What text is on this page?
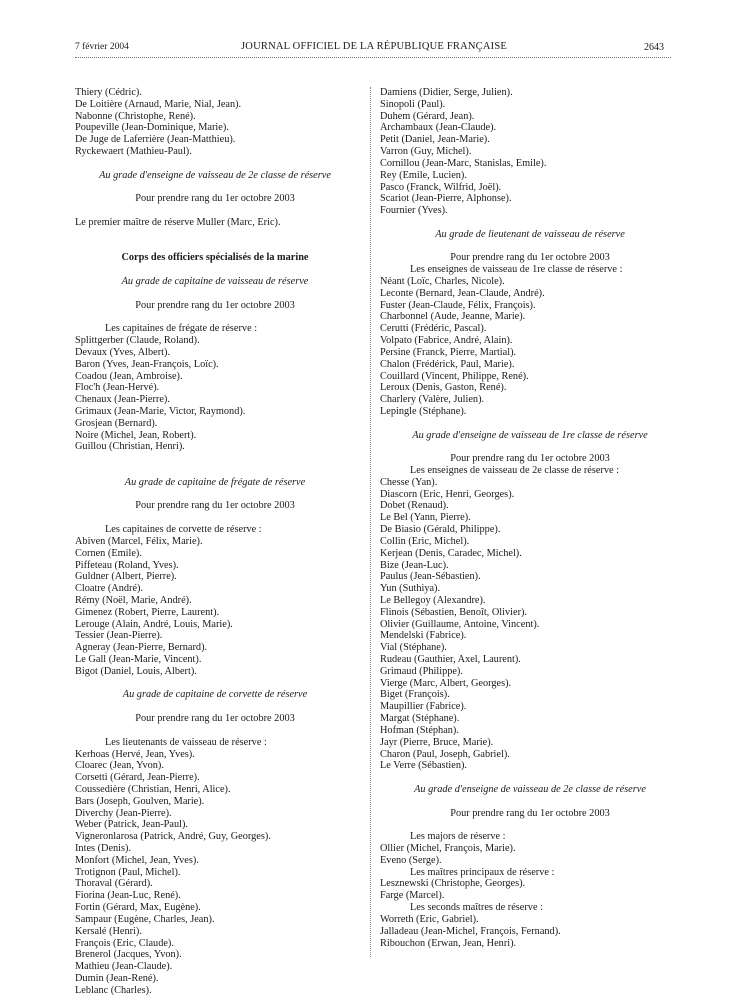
7 février 2004	JOURNAL OFFICIEL DE LA RÉPUBLIQUE FRANÇAISE	2643
Thiery (Cédric).
De Loitière (Arnaud, Marie, Nial, Jean).
Nabonne (Christophe, René).
Poupeville (Jean-Dominique, Marie).
De Juge de Laferrière (Jean-Matthieu).
Ryckewaert (Mathieu-Paul).
Au grade d'enseigne de vaisseau de 2e classe de réserve
Pour prendre rang du 1er octobre 2003
Le premier maître de réserve Muller (Marc, Eric).
Corps des officiers spécialisés de la marine
Au grade de capitaine de vaisseau de réserve
Pour prendre rang du 1er octobre 2003
Les capitaines de frégate de réserve :
Splittgerber (Claude, Roland).
Devaux (Yves, Albert).
Baron (Yves, Jean-François, Loïc).
Coadou (Jean, Ambroise).
Floc'h (Jean-Hervé).
Chenaux (Jean-Pierre).
Grimaux (Jean-Marie, Victor, Raymond).
Grosjean (Bernard).
Noire (Michel, Jean, Robert).
Guillou (Christian, Henri).
Au grade de capitaine de frégate de réserve
Pour prendre rang du 1er octobre 2003
Les capitaines de corvette de réserve :
Abiven (Marcel, Félix, Marie).
Cornen (Emile).
Piffeteau (Roland, Yves).
Guldner (Albert, Pierre).
Cloatre (André).
Rémy (Noël, Marie, André).
Gimenez (Robert, Pierre, Laurent).
Lerouge (Alain, André, Louis, Marie).
Tessier (Jean-Pierre).
Agneray (Jean-Pierre, Bernard).
Le Gall (Jean-Marie, Vincent).
Bigot (Daniel, Louis, Albert).
Au grade de capitaine de corvette de réserve
Pour prendre rang du 1er octobre 2003
Les lieutenants de vaisseau de réserve :
Kerhoas (Hervé, Jean, Yves).
Cloarec (Jean, Yvon).
Corsetti (Gérard, Jean-Pierre).
Coussedière (Christian, Henri, Alice).
Bars (Joseph, Goulven, Marie).
Diverchy (Jean-Pierre).
Weber (Patrick, Jean-Paul).
Vigneronlarosa (Patrick, André, Guy, Georges).
Intes (Denis).
Monfort (Michel, Jean, Yves).
Trotignon (Paul, Michel).
Thoraval (Gérard).
Fiorina (Jean-Luc, René).
Fortin (Gérard, Max, Eugène).
Sampaur (Eugène, Charles, Jean).
Kersalé (Henri).
François (Eric, Claude).
Brenerol (Jacques, Yvon).
Mathieu (Jean-Claude).
Dumin (Jean-René).
Leblanc (Charles).
Damiens (Didier, Serge, Julien).
Sinopoli (Paul).
Duhem (Gérard, Jean).
Archambaux (Jean-Claude).
Petit (Daniel, Jean-Marie).
Varron (Guy, Michel).
Cornillou (Jean-Marc, Stanislas, Emile).
Rey (Emile, Lucien).
Pasco (Franck, Wilfrid, Joël).
Scariot (Jean-Pierre, Alphonse).
Fournier (Yves).
Au grade de lieutenant de vaisseau de réserve
Pour prendre rang du 1er octobre 2003
Les enseignes de vaisseau de 1re classe de réserve :
Néant (Loïc, Charles, Nicole).
Leconte (Bernard, Jean-Claude, André).
Fuster (Jean-Claude, Félix, François).
Charbonnel (Aude, Jeanne, Marie).
Cerutti (Frédéric, Pascal).
Volpato (Fabrice, André, Alain).
Persine (Franck, Pierre, Martial).
Chalon (Frédérick, Paul, Marie).
Couillard (Vincent, Philippe, René).
Leroux (Denis, Gaston, René).
Charlery (Valère, Julien).
Lepingle (Stéphane).
Au grade d'enseigne de vaisseau de 1re classe de réserve
Pour prendre rang du 1er octobre 2003
Les enseignes de vaisseau de 2e classe de réserve :
Chesse (Yan).
Diascorn (Eric, Henri, Georges).
Dobet (Renaud).
Le Bel (Yann, Pierre).
De Biasio (Gérald, Philippe).
Collin (Eric, Michel).
Kerjean (Denis, Caradec, Michel).
Bize (Jean-Luc).
Paulus (Jean-Sébastien).
Yun (Suthiya).
Le Bellegoy (Alexandre).
Flinois (Sébastien, Benoît, Olivier).
Olivier (Guillaume, Antoine, Vincent).
Mendelski (Fabrice).
Vial (Stéphane).
Rudeau (Gauthier, Axel, Laurent).
Grimaud (Philippe).
Vierge (Marc, Albert, Georges).
Biget (François).
Maupillier (Fabrice).
Margat (Stéphane).
Hofman (Stéphan).
Jayr (Pierre, Bruce, Marie).
Charon (Paul, Joseph, Gabriel).
Le Verre (Sébastien).
Au grade d'enseigne de vaisseau de 2e classe de réserve
Pour prendre rang du 1er octobre 2003
Les majors de réserve :
Ollier (Michel, François, Marie).
Eveno (Serge).
Les maîtres principaux de réserve :
Lesznewski (Christophe, Georges).
Farge (Marcel).
Les seconds maîtres de réserve :
Worreth (Eric, Gabriel).
Jalladeau (Jean-Michel, François, Fernand).
Ribouchon (Erwan, Jean, Henri).
